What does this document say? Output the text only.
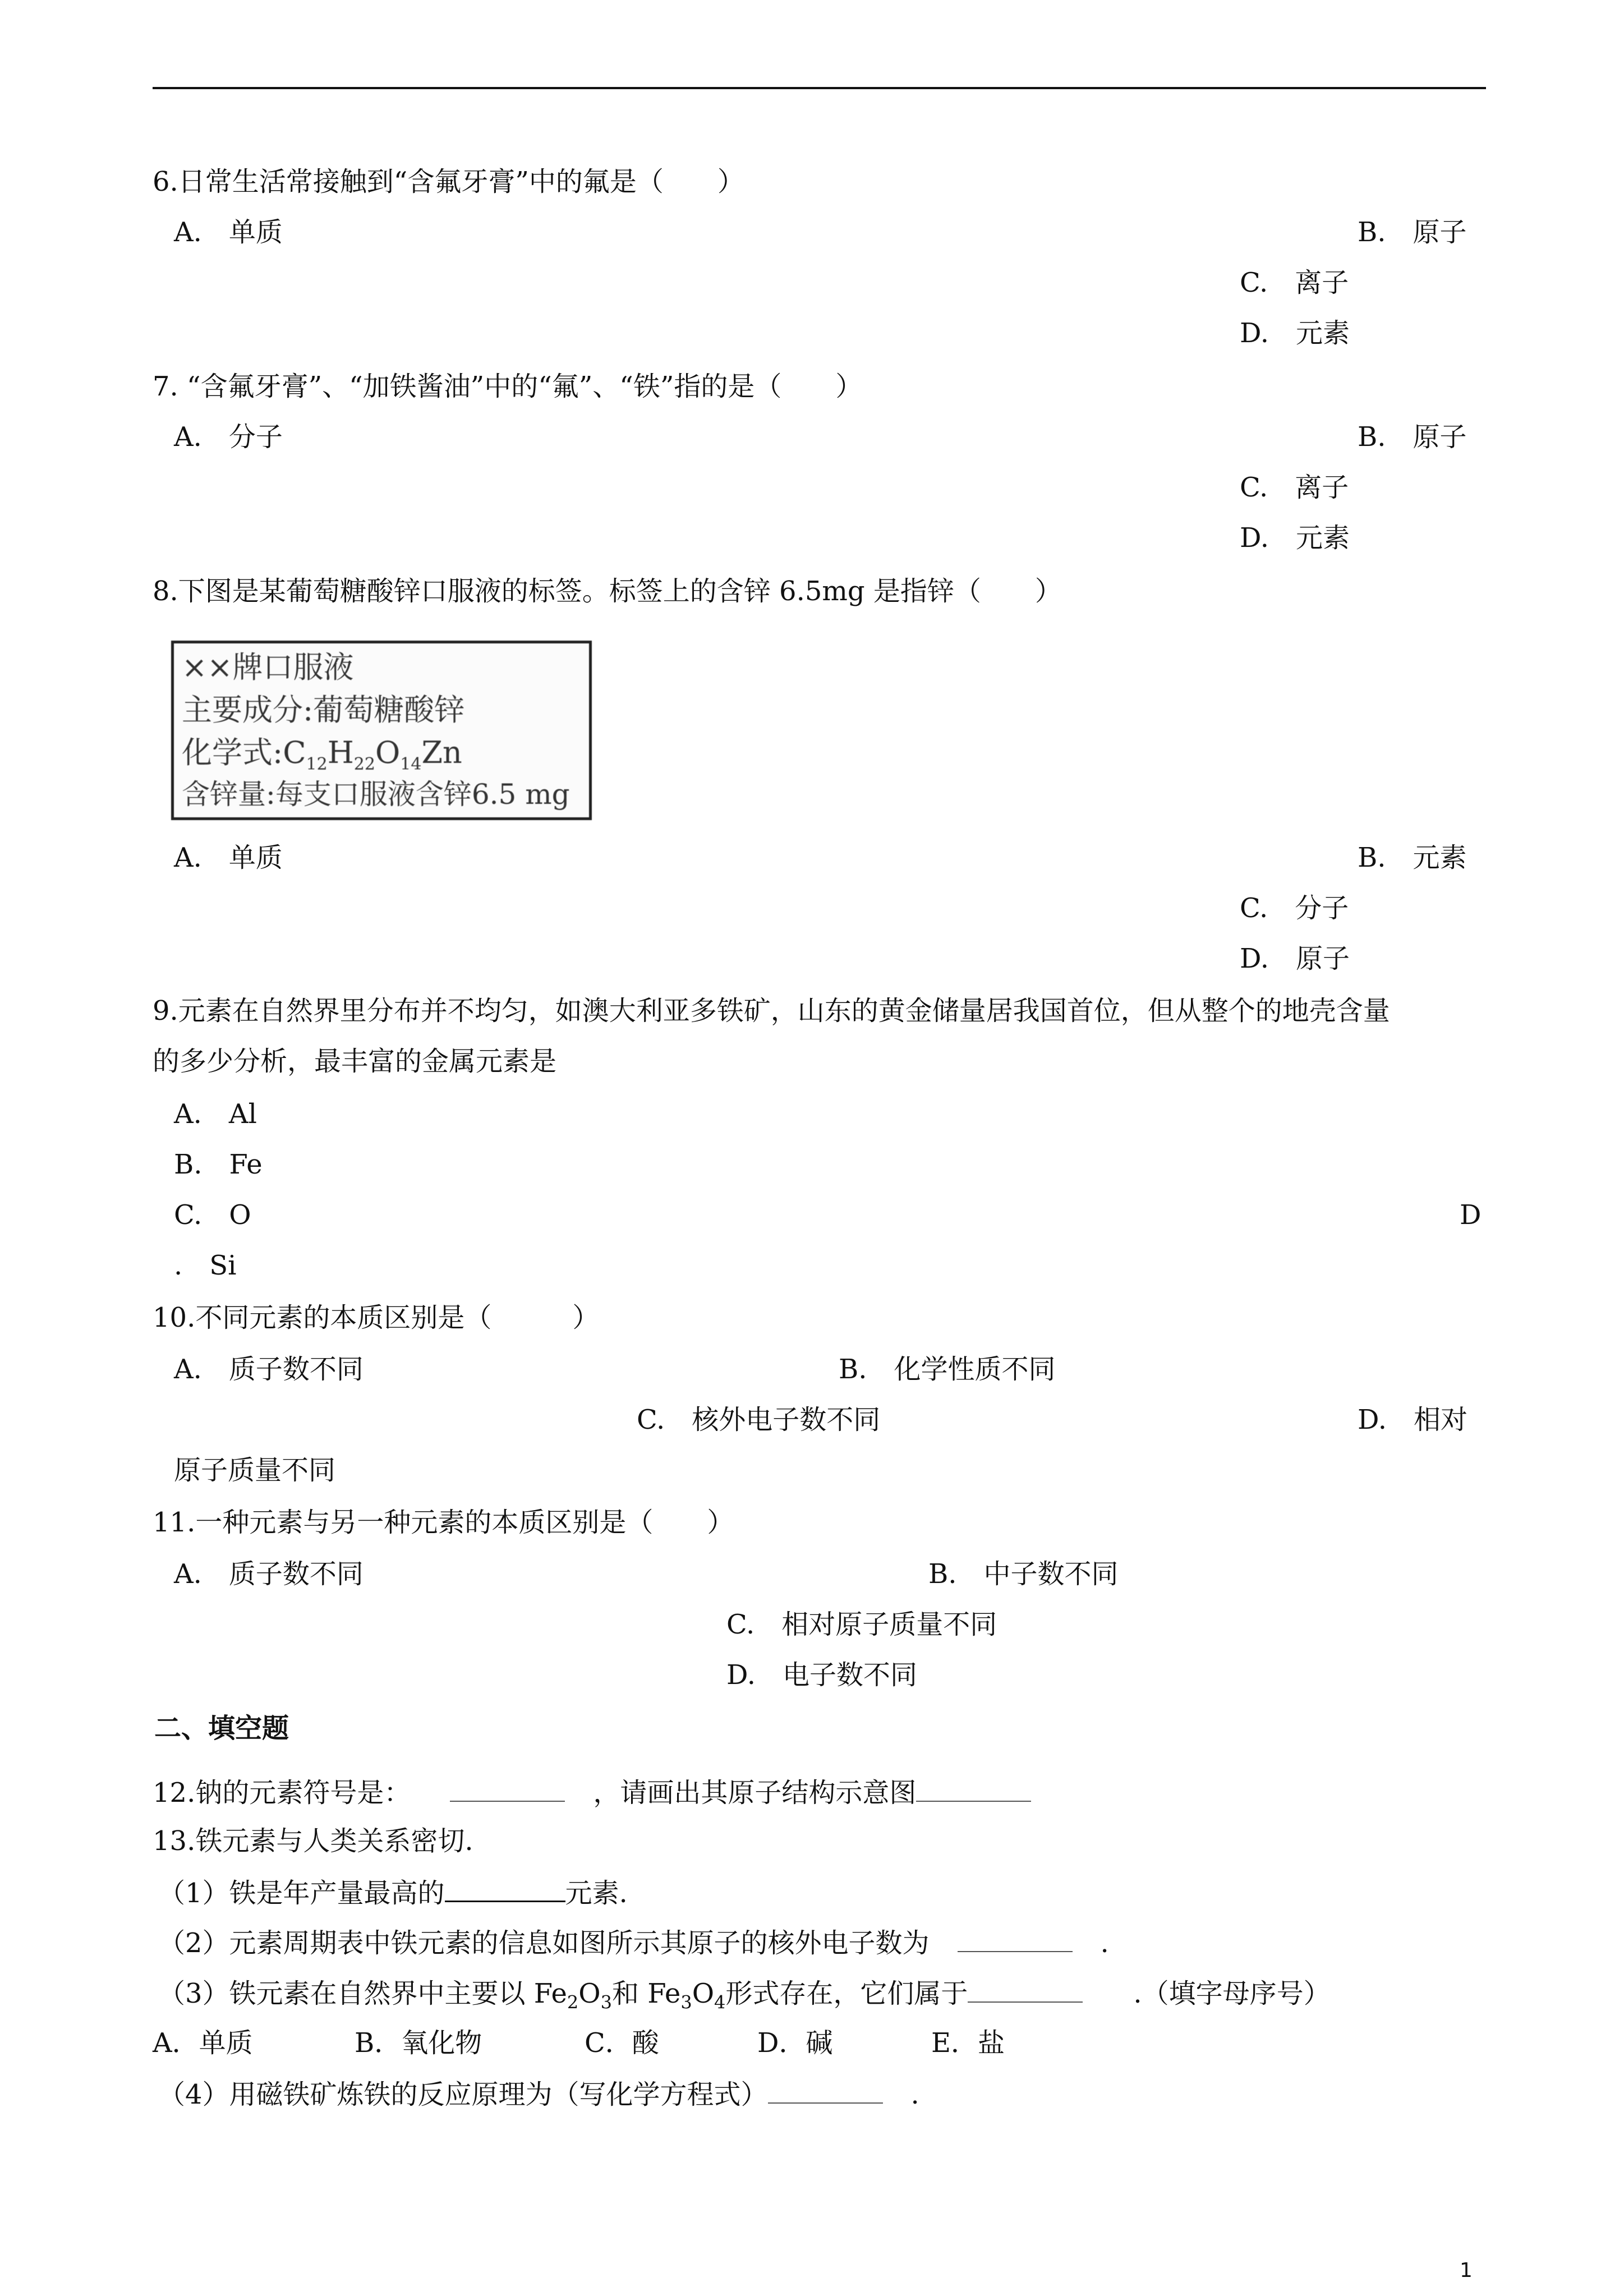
6.日常生活常接触到“含氟牙膏”中的氟是（　　）
A.　单质	B.　原子
C.　离子
D.　元素
7. “含氟牙膏”、“加铁酱油”中的“氟”、“铁”指的是（　　）
A.　分子	B.　原子
C.　离子
D.　元素
8.下图是某葡萄糖酸锌口服液的标签。标签上的含锌 6.5mg 是指锌（　　）
××牌口服液
主要成分:葡萄糖酸锌
化学式$:C_{12}H_{22}O_{14}Zn$
含锌量:每支口服液含锌6.5 mg
A.　单质	B.　元素
C.　分子
D.　原子
9.元素在自然界里分布并不均匀，如澳大利亚多铁矿，山东的黄金储量居我国首位，但从整个的地壳含量
的多少分析，最丰富的金属元素是
A.　Al
B.　Fe
C.　O	D
.　Si
10.不同元素的本质区别是（　　　）
A.　质子数不同	B.　化学性质不同
C.　核外电子数不同	D.　相对
原子质量不同
11.一种元素与另一种元素的本质区别是（　　）
A.　质子数不同	B.　中子数不同
C.　相对原子质量不同
D.　电子数不同
二、填空题
12.钠的元素符号是：	，请画出其原子结构示意图
13.铁元素与人类关系密切.
（1）铁是年产量最高的	元素.
（2）元素周期表中铁元素的信息如图所示其原子的核外电子数为	.
（3）铁元素在自然界中主要以 $Fe_2O_3$和 $Fe_3O_4$形式存在，它们属于	.（填字母序号）
A．单质	B．氧化物	C．酸	D．碱	E．盐
（4）用磁铁矿炼铁的反应原理为（写化学方程式）	.
1
